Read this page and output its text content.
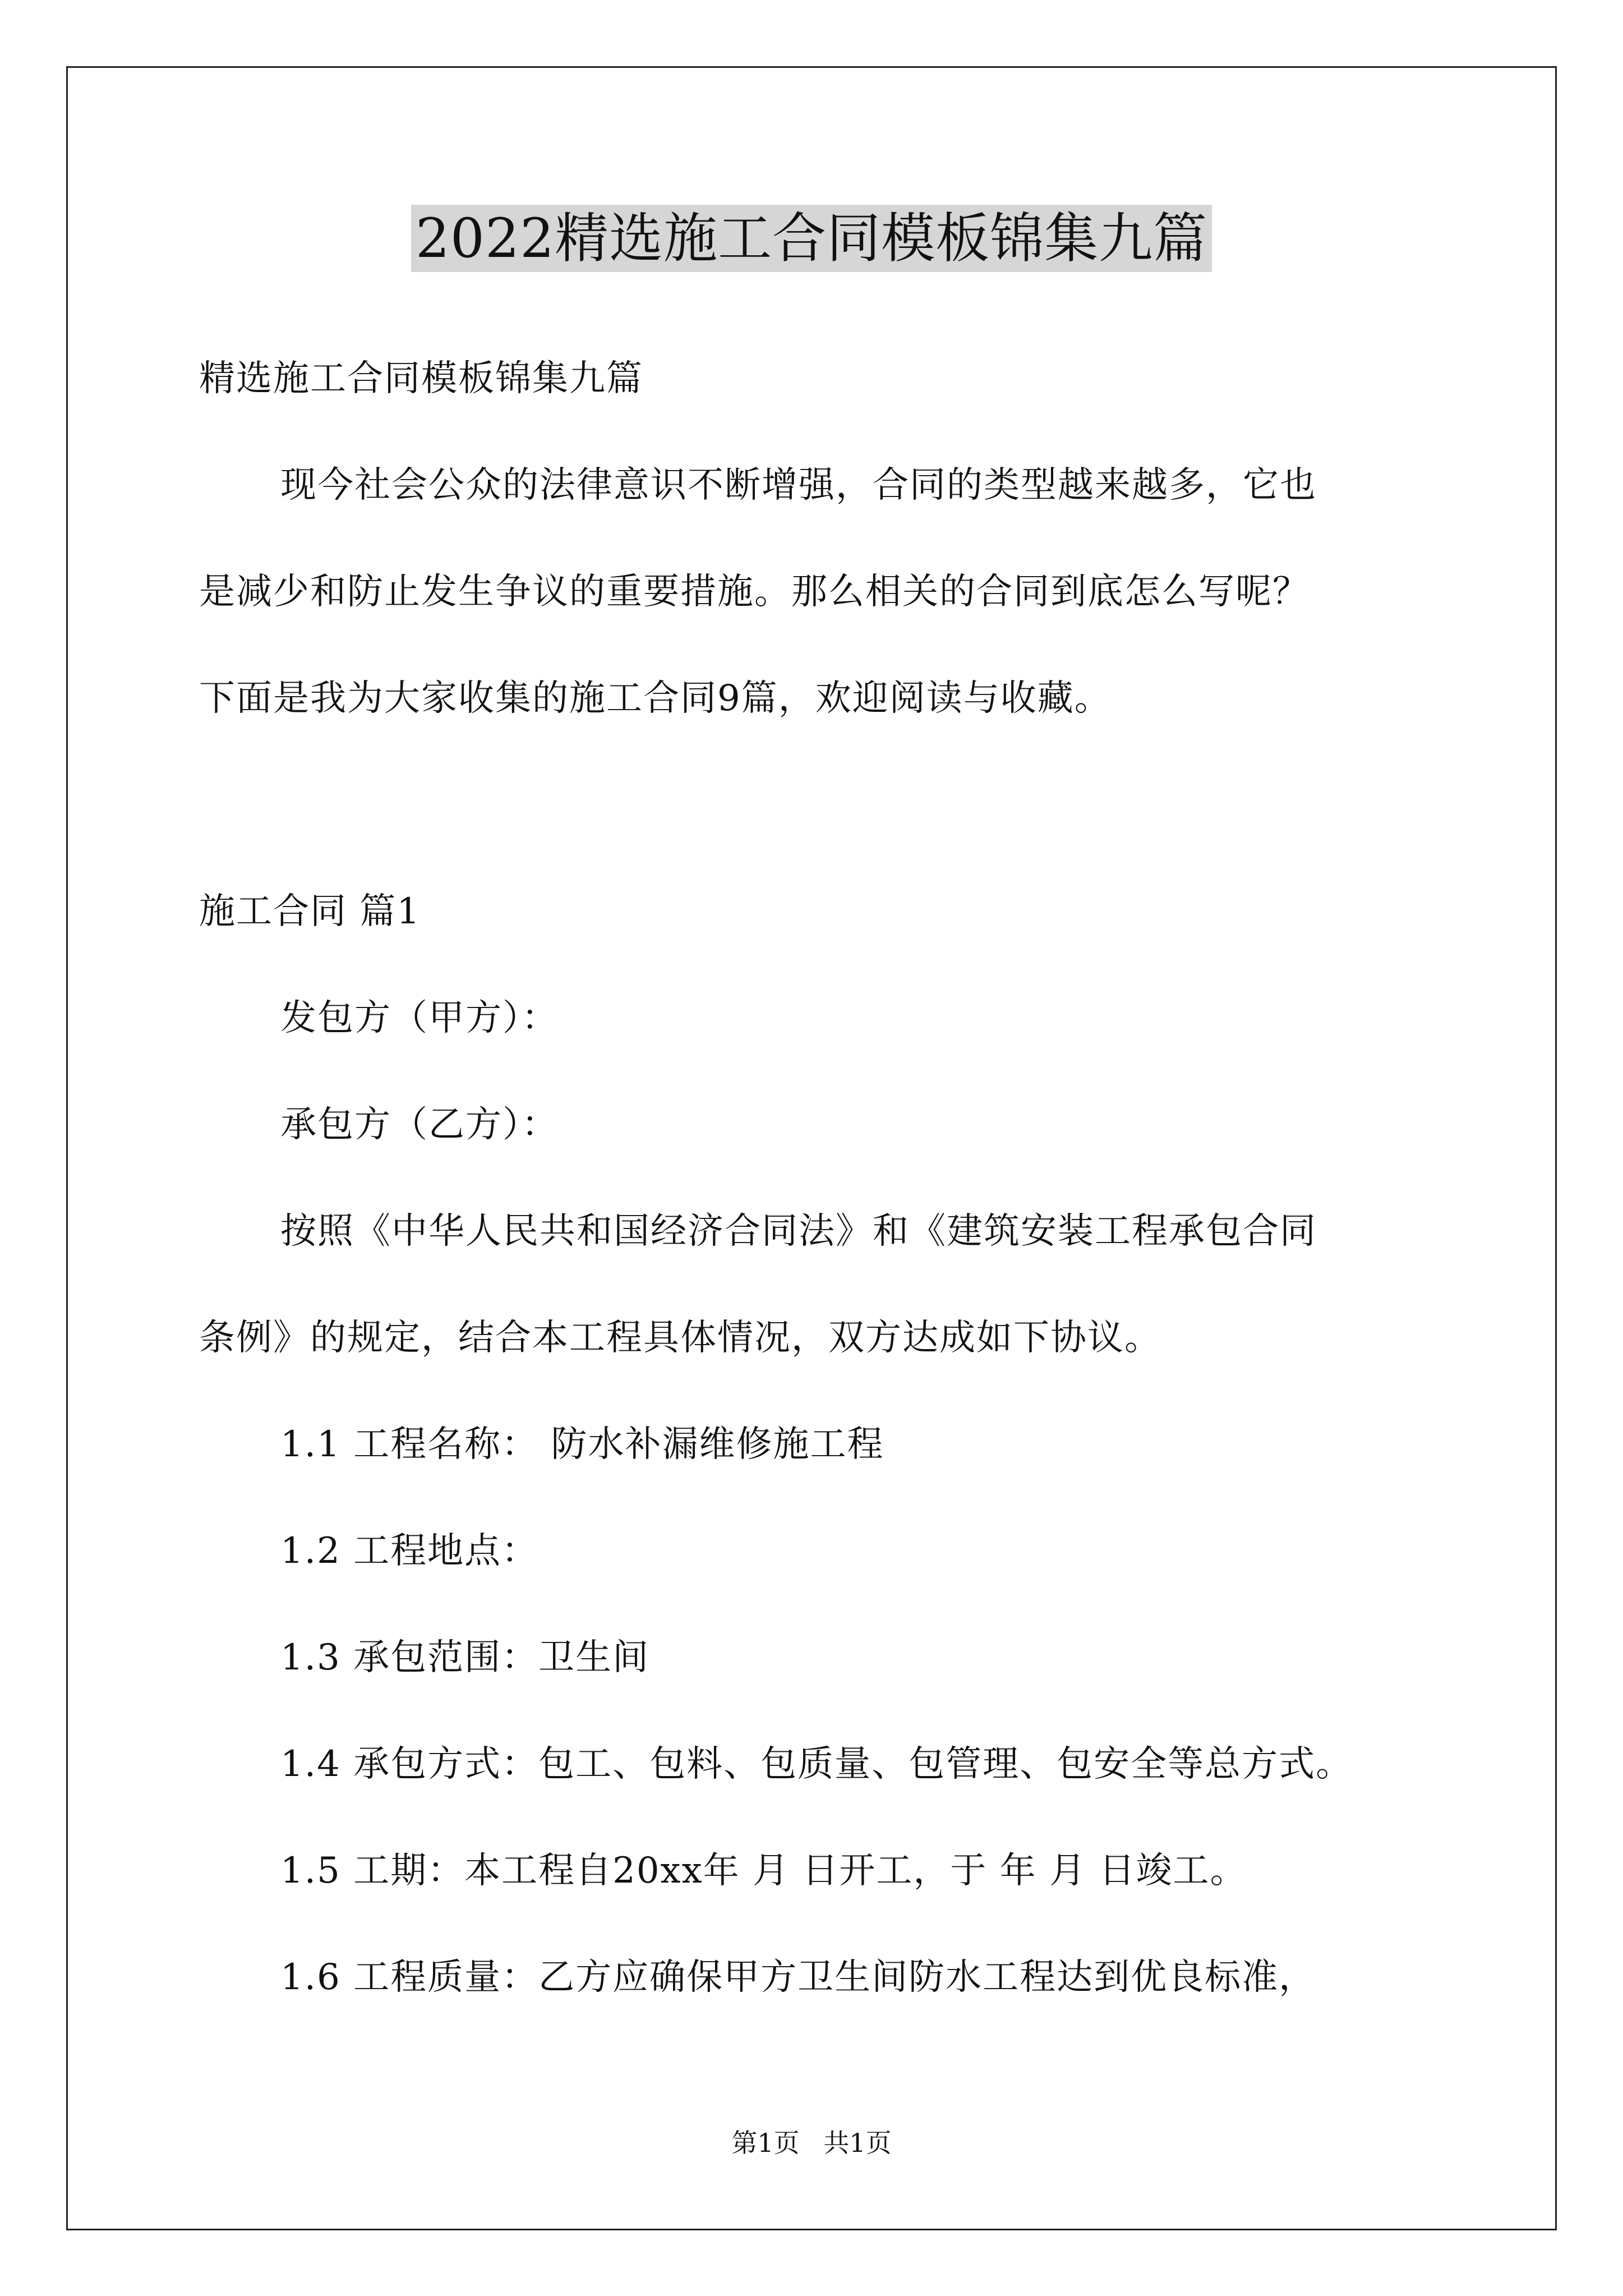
2022精选施工合同模板锦集九篇
精选施工合同模板锦集九篇
现今社会公众的法律意识不断增强，合同的类型越来越多，它也
是减少和防止发生争议的重要措施。那么相关的合同到底怎么写呢？
下面是我为大家收集的施工合同9篇，欢迎阅读与收藏。
施工合同 篇1
发包方（甲方）：
承包方（乙方）：
按照《中华人民共和国经济合同法》和《建筑安装工程承包合同
条例》的规定，结合本工程具体情况，双方达成如下协议。
1.1 工程名称： 防水补漏维修施工程
1.2 工程地点：
1.3 承包范围：卫生间
1.4 承包方式：包工、包料、包质量、包管理、包安全等总方式。
1.5 工期：本工程自20xx年 月 日开工，于 年 月 日竣工。
1.6 工程质量：乙方应确保甲方卫生间防水工程达到优良标准，
第1页 共1页
